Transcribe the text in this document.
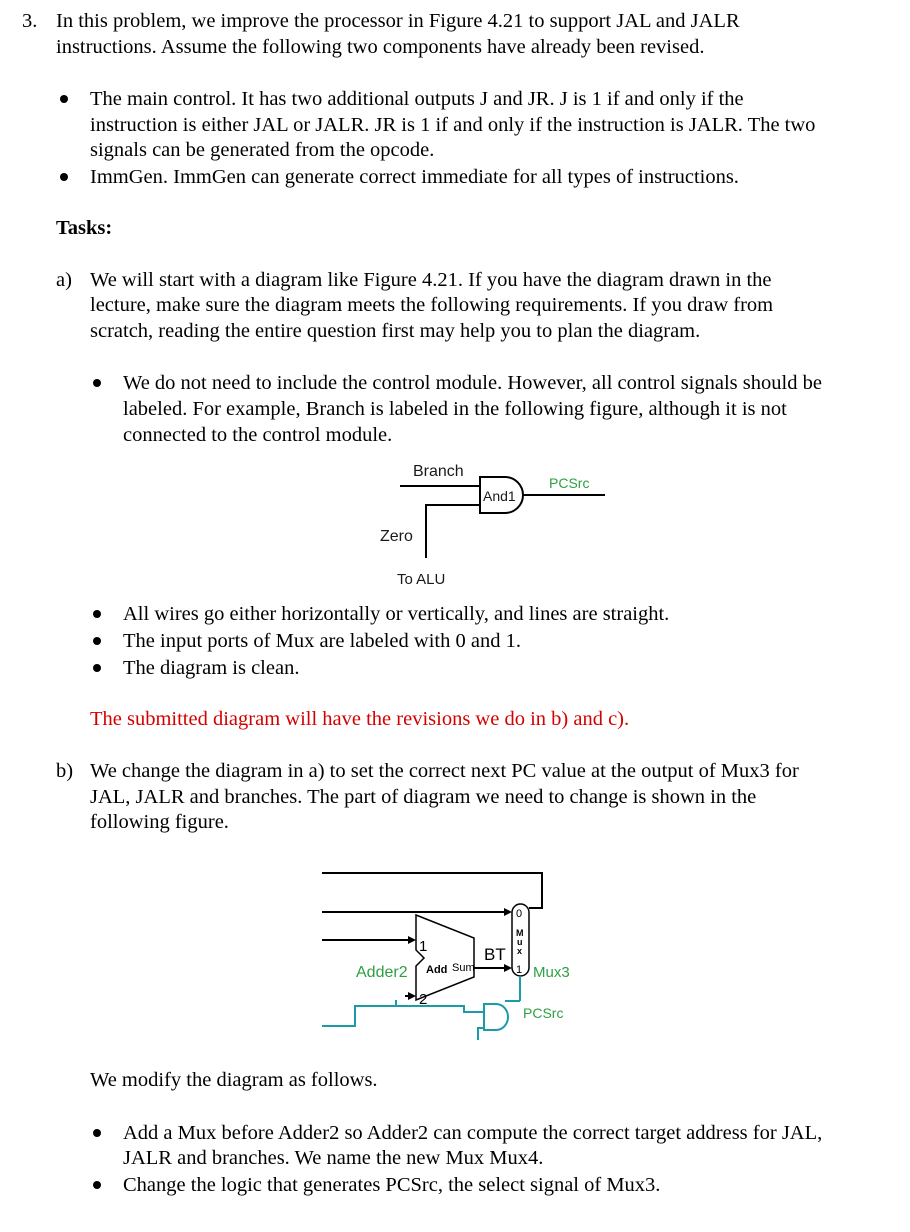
3. In this problem, we improve the processor in Figure 4.21 to support JAL and JALR
instructions. Assume the following two components have already been revised.
The main control. It has two additional outputs J and JR. J is 1 if and only if the
instruction is either JAL or JALR. JR is 1 if and only if the instruction is JALR. The two
signals can be generated from the opcode.
ImmGen. ImmGen can generate correct immediate for all types of instructions.
Tasks:
a) We will start with a diagram like Figure 4.21. If you have the diagram drawn in the
lecture, make sure the diagram meets the following requirements. If you draw from
scratch, reading the entire question first may help you to plan the diagram.
We do not need to include the control module. However, all control signals should be
labeled. For example, Branch is labeled in the following figure, although it is not
connected to the control module.
Branch
And1
PCSrc
Zero
To ALU
All wires go either horizontally or vertically, and lines are straight.
The input ports of Mux are labeled with 0 and 1.
The diagram is clean.
The submitted diagram will have the revisions we do in b) and c).
b) We change the diagram in a) to set the correct next PC value at the output of Mux3 for
JAL, JALR and branches. The part of diagram we need to change is shown in the
following figure.
1
Add Sum
Adder2
2
BT
0
M
u
x
1 Mux3
PCSrc
We modify the diagram as follows.
Add a Mux before Adder2 so Adder2 can compute the correct target address for JAL,
JALR and branches. We name the new Mux Mux4.
Change the logic that generates PCSrc, the select signal of Mux3.
